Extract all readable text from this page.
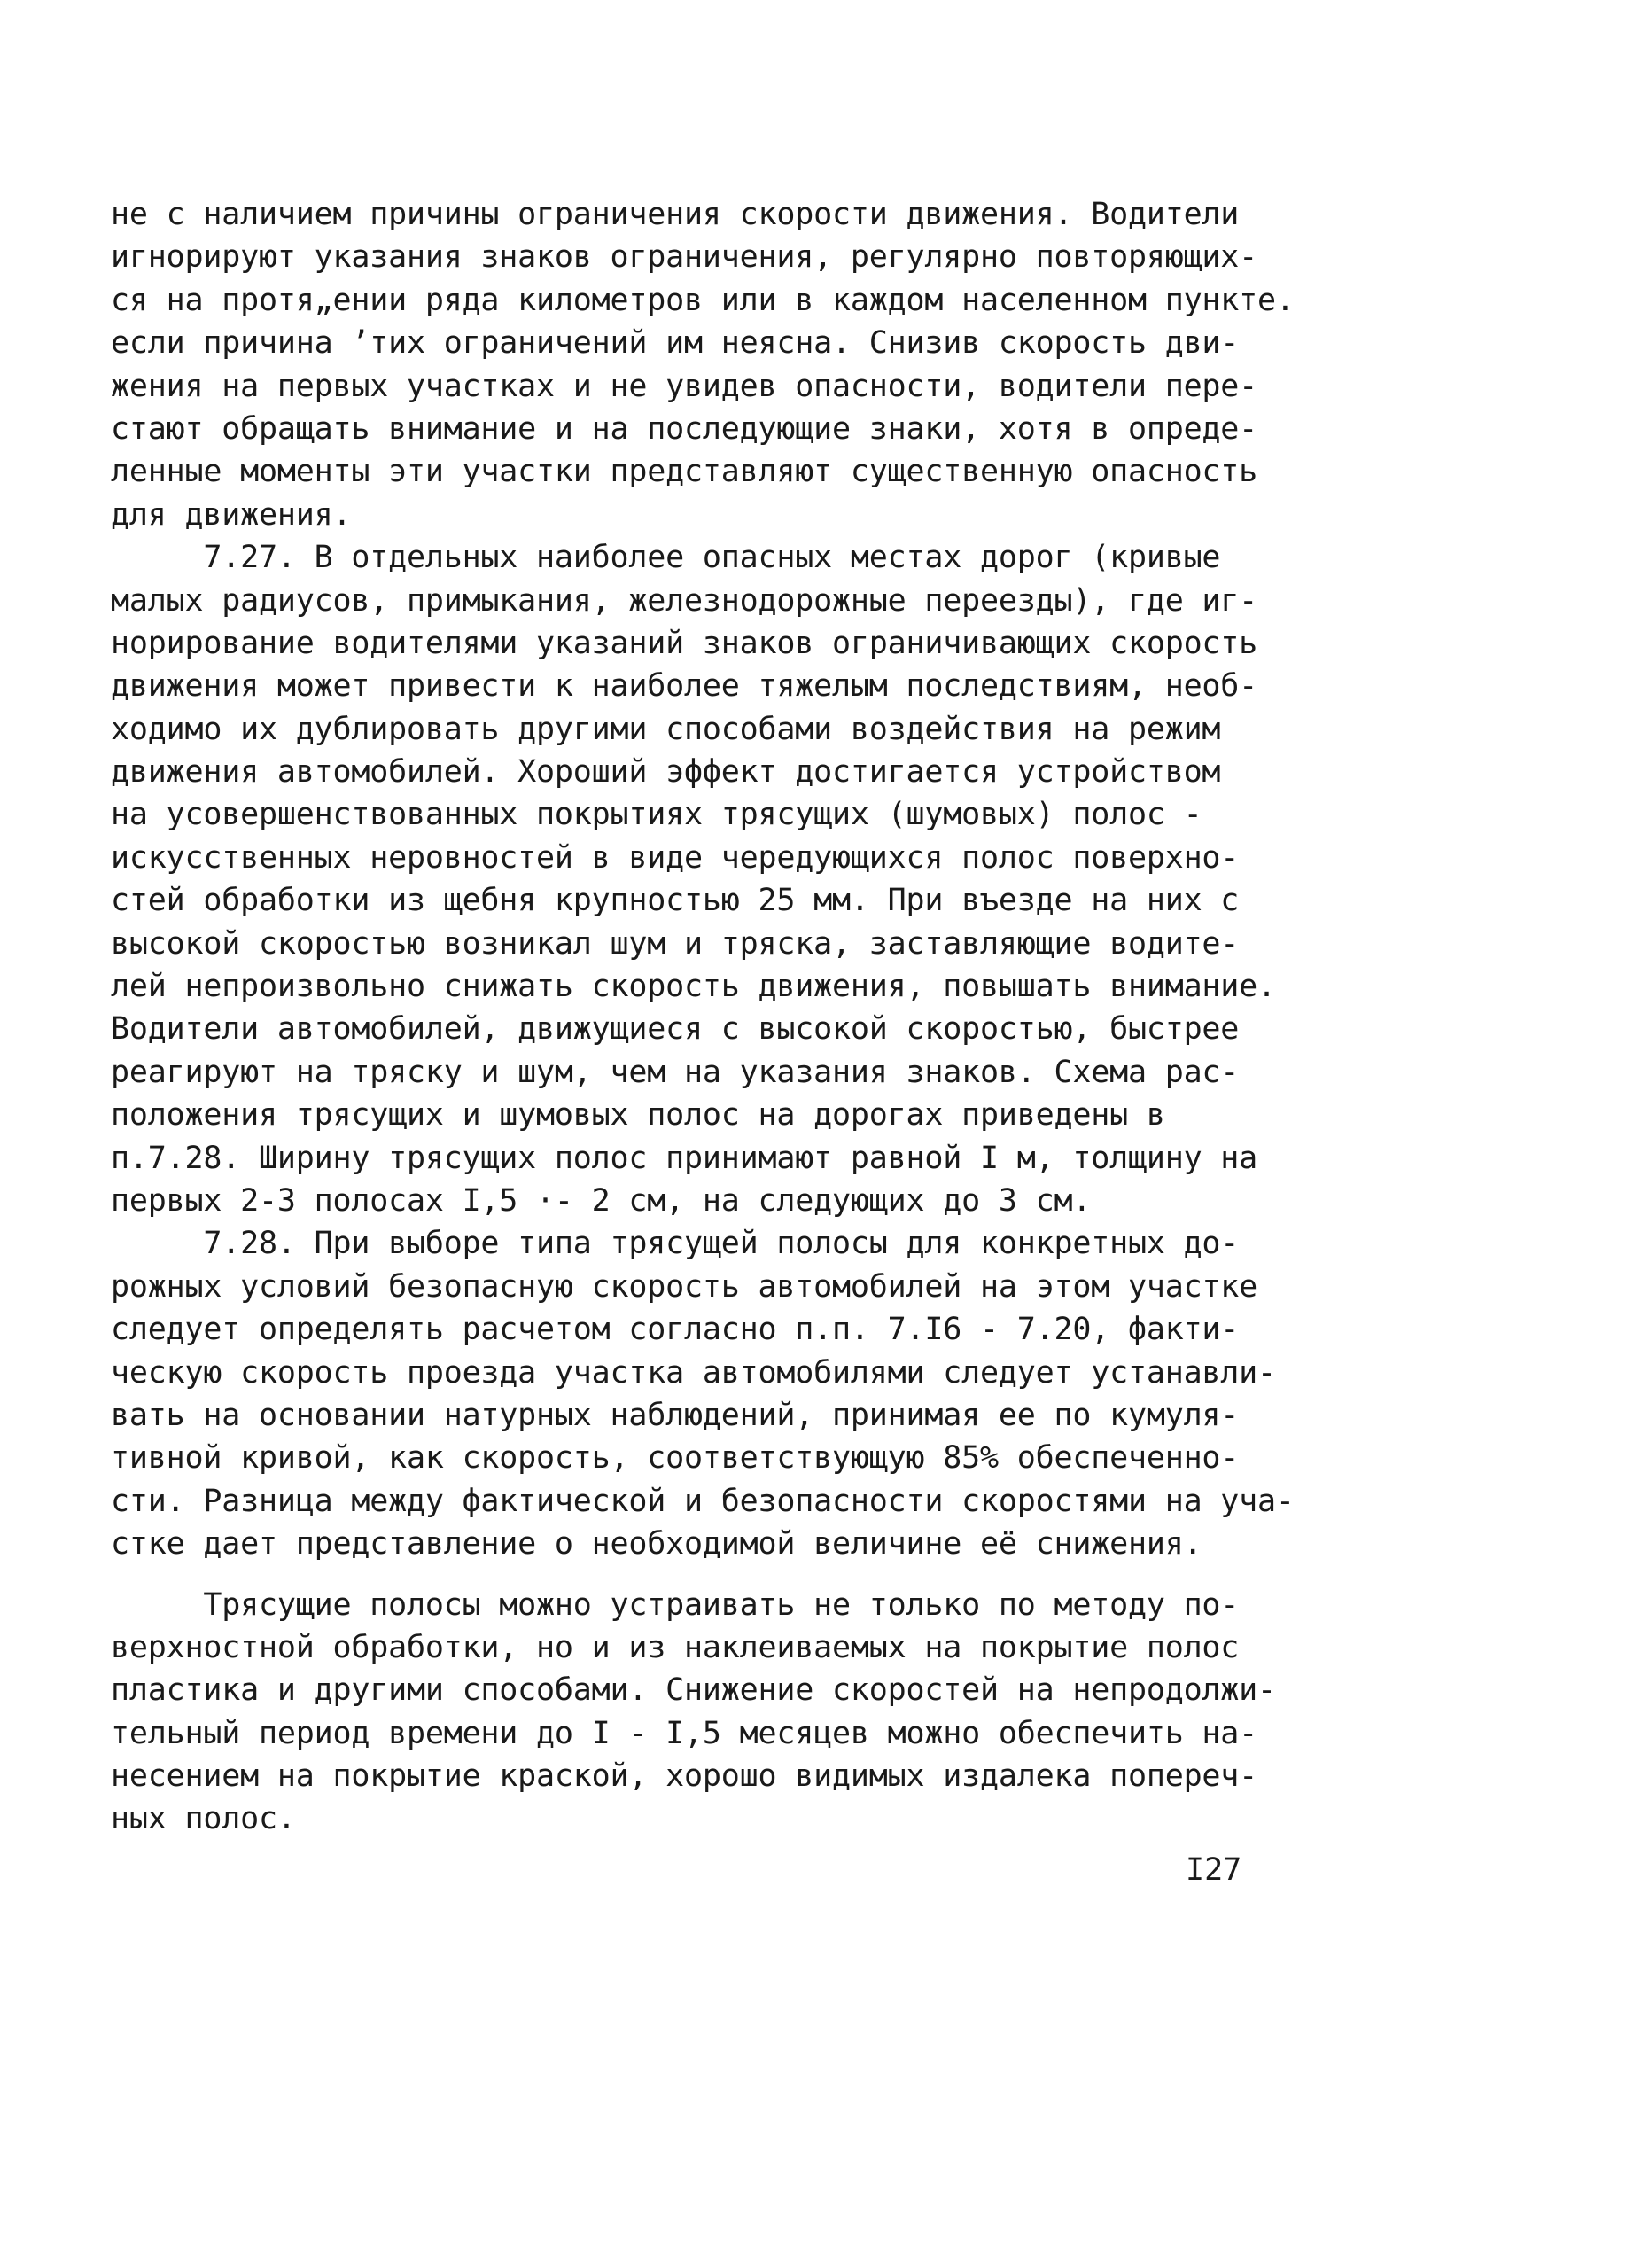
не с наличием причины ограничения скорости движения. Водители
игнорируют указания знаков ограничения, регулярно повторяющих-
ся на протя„ении ряда километров или в каждом населенном пункте.
если причина ’тих ограничений им неясна. Снизив скорость дви-
жения на первых участках и не увидев опасности, водители пере-
стают обращать внимание и на последующие знаки, хотя в опреде-
ленные моменты эти участки представляют существенную опасность
для движения.
7.27. В отдельных наиболее опасных местах дорог (кривые
малых радиусов, примыкания, железнодорожные переезды), где иг-
норирование водителями указаний знаков ограничивающих скорость
движения может привести к наиболее тяжелым последствиям, необ-
ходимо их дублировать другими способами воздействия на режим
движения автомобилей. Хороший эффект достигается устройством
на усовершенствованных покрытиях трясущих (шумовых) полос -
искусственных неровностей в виде чередующихся полос поверхно-
стей обработки из щебня крупностью 25 мм. При въезде на них с
высокой скоростью возникал шум и тряска, заставляющие водите-
лей непроизвольно снижать скорость движения, повышать внимание.
Водители автомобилей, движущиеся с высокой скоростью, быстрее
реагируют на тряску и шум, чем на указания знаков. Схема рас-
положения трясущих и шумовых полос на дорогах приведены в
п.7.28. Ширину трясущих полос принимают равной I м, толщину на
первых 2-3 полосах I,5 ·- 2 см, на следующих до 3 см.
7.28. При выборе типа трясущей полосы для конкретных до-
рожных условий безопасную скорость автомобилей на этом участке
следует определять расчетом согласно п.п. 7.I6 - 7.20, факти-
ческую скорость проезда участка автомобилями следует устанавли-
вать на основании натурных наблюдений, принимая ее по кумуля-
тивной кривой, как скорость, соответствующую 85% обеспеченно-
сти. Разница между фактической и безопасности скоростями на уча-
стке дает представление о необходимой величине её снижения.
Трясущие полосы можно устраивать не только по методу по-
верхностной обработки, но и из наклеиваемых на покрытие полос
пластика и другими способами. Снижение скоростей на непродолжи-
тельный период времени до I - I,5 месяцев можно обеспечить на-
несением на покрытие краской, хорошо видимых издалека попереч-
ных полос.
I27
